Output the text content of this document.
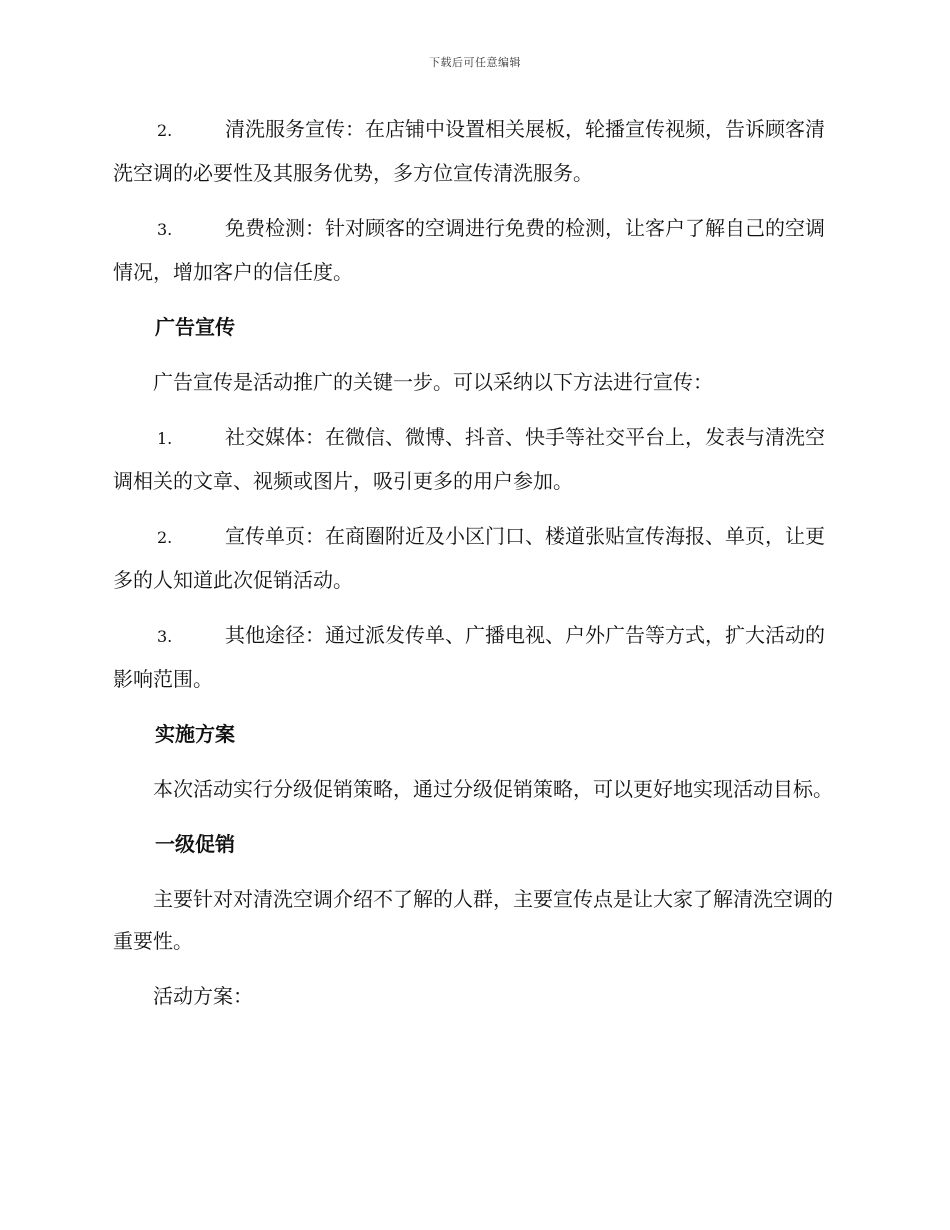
下载后可任意编辑
2.	清洗服务宣传：在店铺中设置相关展板，轮播宣传视频，告诉顾客清洗空调的必要性及其服务优势，多方位宣传清洗服务。
3.	免费检测：针对顾客的空调进行免费的检测，让客户了解自己的空调情况，增加客户的信任度。
广告宣传
广告宣传是活动推广的关键一步。可以采纳以下方法进行宣传：
1.	社交媒体：在微信、微博、抖音、快手等社交平台上，发表与清洗空调相关的文章、视频或图片，吸引更多的用户参加。
2.	宣传单页：在商圈附近及小区门口、楼道张贴宣传海报、单页，让更多的人知道此次促销活动。
3.	其他途径：通过派发传单、广播电视、户外广告等方式，扩大活动的影响范围。
实施方案
本次活动实行分级促销策略，通过分级促销策略，可以更好地实现活动目标。
一级促销
主要针对对清洗空调介绍不了解的人群，主要宣传点是让大家了解清洗空调的重要性。
活动方案：
